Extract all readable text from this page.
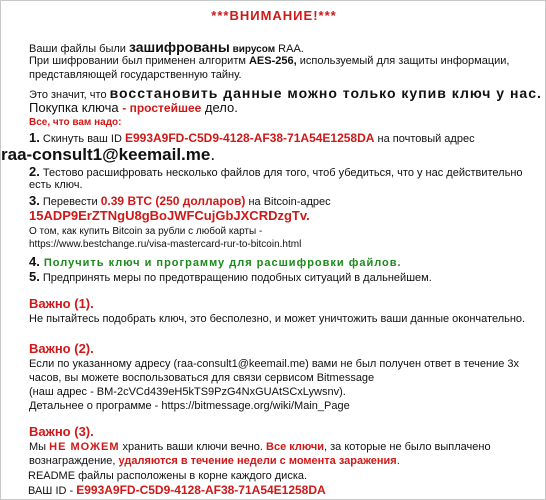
***ВНИМАНИЕ!***
Ваши файлы были зашифрованы вирусом RAA.
При шифровании был применен алгоритм AES-256, используемый для защиты информации,
представляющей государственную тайну.
Это значит, что восстановить данные можно только купив ключ у нас.
Покупка ключа - простейшее дело.
Все, что вам надо:
1. Скинуть ваш ID E993A9FD-C5D9-4128-AF38-71A54E1258DA на почтовый адрес
raa-consult1@keemail.me.
2. Тестово расшифровать несколько файлов для того, чтоб убедиться, что у нас действительно
есть ключ.
3. Перевести 0.39 BTC (250 долларов) на Bitcoin-адрес
15ADP9ErZTNgU8gBoJWFCujGbJXCRDzgTv.
О том, как купить Bitcoin за рубли с любой карты -
https://www.bestchange.ru/visa-mastercard-rur-to-bitcoin.html
4. Получить ключ и программу для расшифровки файлов.
5. Предпринять меры по предотвращению подобных ситуаций в дальнейшем.
Важно (1).
Не пытайтесь подобрать ключ, это бесполезно, и может уничтожить ваши данные окончательно.
Важно (2).
Если по указанному адресу (raa-consult1@keemail.me) вами не был получен ответ в течение 3х
часов, вы можете воспользоваться для связи сервисом Bitmessage
(наш адрес - BM-2cVCd439eH5kTS9PzG4NxGUAtSCxLywsnv).
Детальнее о программе - https://bitmessage.org/wiki/Main_Page
Важно (3).
Мы НЕ МОЖЕМ хранить ваши ключи вечно. Все ключи, за которые не было выплачено
вознаграждение, удаляются в течение недели с момента заражения.
README файлы расположены в корне каждого диска.
ВАШ ID - E993A9FD-C5D9-4128-AF38-71A54E1258DA
